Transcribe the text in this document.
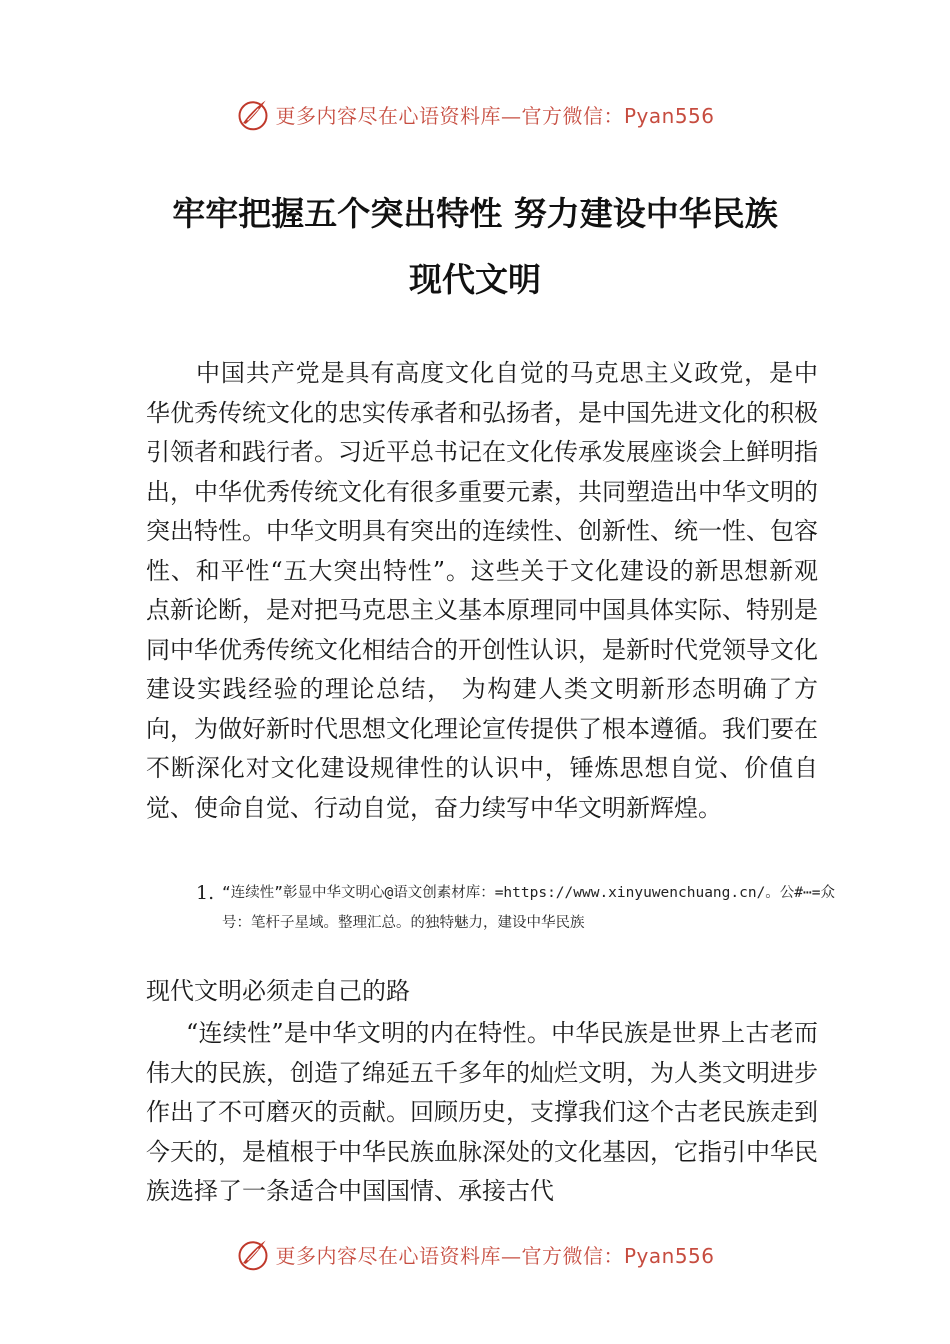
更多内容尽在心语资料库—官方微信：Pyan556
牢牢把握五个突出特性 努力建设中华民族
现代文明

中国共产党是具有高度文化自觉的马克思主义政党，是中华优秀传统文化的忠实传承者和弘扬者，是中国先进文化的积极引领者和践行者。习近平总书记在文化传承发展座谈会上鲜明指出，中华优秀传统文化有很多重要元素，共同塑造出中华文明的突出特性。中华文明具有突出的连续性、创新性、统一性、包容性、和平性“五大突出特性”。这些关于文化建设的新思想新观点新论断，是对把马克思主义基本原理同中国具体实际、特别是同中华优秀传统文化相结合的开创性认识，是新时代党领导文化建设实践经验的理论总结， 为构建人类文明新形态明确了方向，为做好新时代思想文化理论宣传提供了根本遵循。我们要在不断深化对文化建设规律性的认识中，锤炼思想自觉、价值自觉、使命自觉、行动自觉，奋力续写中华文明新辉煌。

1. “连续性”彰显中华文明心@语文创素材库：=https://www.xinyuwenchuang.cn/。公#⋯=众号：笔杆子星域。整理汇总。的独特魅力，建设中华民族

现代文明必须走自己的路

“连续性”是中华文明的内在特性。中华民族是世界上古老而伟大的民族，创造了绵延五千多年的灿烂文明，为人类文明进步作出了不可磨灭的贡献。回顾历史，支撑我们这个古老民族走到今天的，是植根于中华民族血脉深处的文化基因，它指引中华民族选择了一条适合中国国情、承接古代

更多内容尽在心语资料库—官方微信：Pyan556
